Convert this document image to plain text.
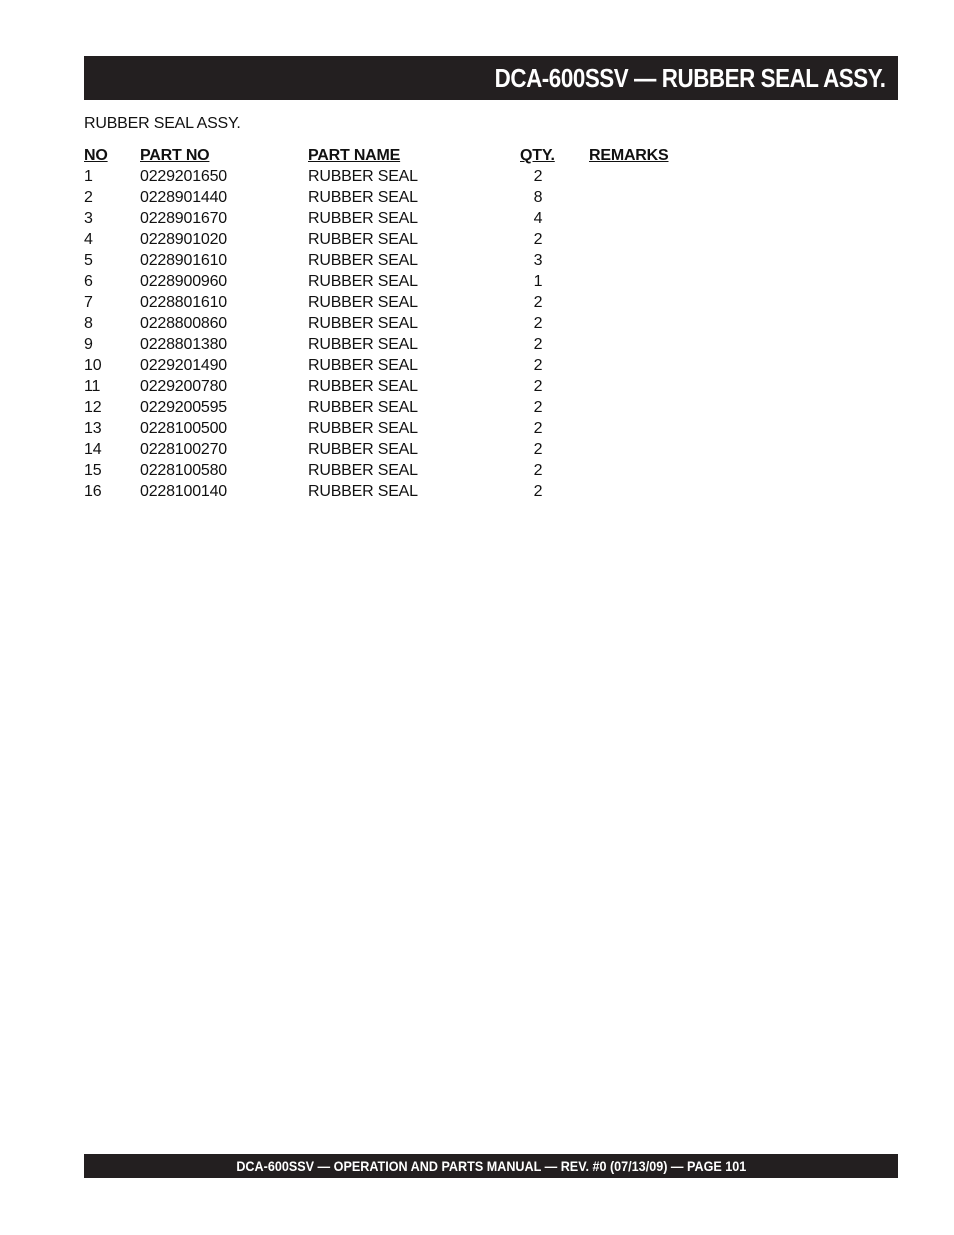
DCA-600SSV — RUBBER SEAL ASSY.
RUBBER SEAL ASSY.
NO	PART NO	PART NAME	QTY.	REMARKS
1	0229201650	RUBBER SEAL	2	
2	0228901440	RUBBER SEAL	8	
3	0228901670	RUBBER SEAL	4	
4	0228901020	RUBBER SEAL	2	
5	0228901610	RUBBER SEAL	3	
6	0228900960	RUBBER SEAL	1	
7	0228801610	RUBBER SEAL	2	
8	0228800860	RUBBER SEAL	2	
9	0228801380	RUBBER SEAL	2	
10	0229201490	RUBBER SEAL	2	
11	0229200780	RUBBER SEAL	2	
12	0229200595	RUBBER SEAL	2	
13	0228100500	RUBBER SEAL	2	
14	0228100270	RUBBER SEAL	2	
15	0228100580	RUBBER SEAL	2	
16	0228100140	RUBBER SEAL	2	
DCA-600SSV — OPERATION AND PARTS MANUAL — REV. #0 (07/13/09) — PAGE 101
